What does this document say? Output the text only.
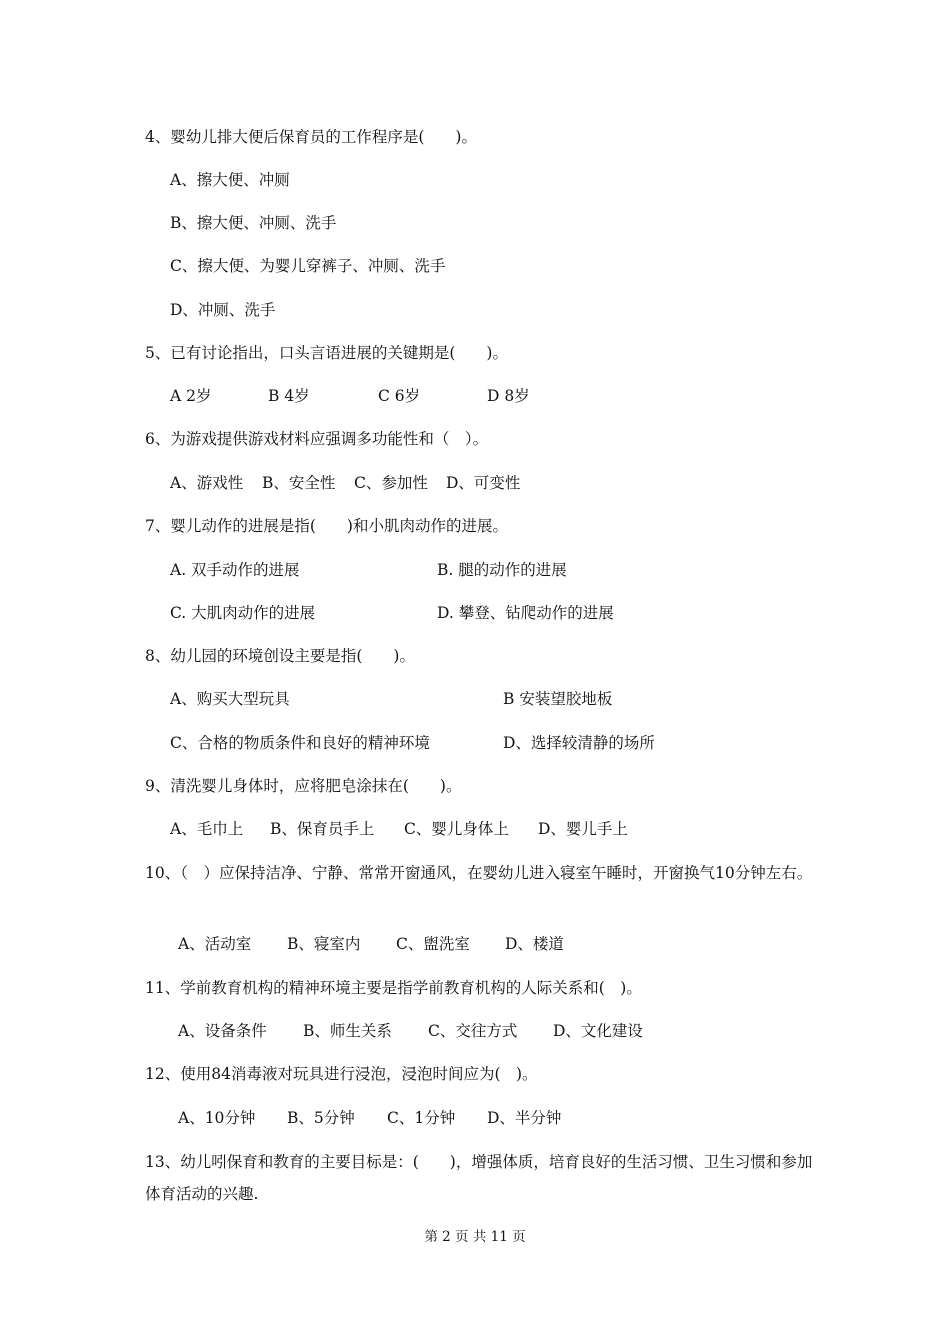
4、婴幼儿排大便后保育员的工作程序是(　　)。
A、擦大便、冲厕
B、擦大便、冲厕、洗手
C、擦大便、为婴儿穿裤子、冲厕、洗手
D、冲厕、洗手
5、已有讨论指出，口头言语进展的关键期是(　　)。
A 2岁	B 4岁	C 6岁	D 8岁
6、为游戏提供游戏材料应强调多功能性和（　）。
A、游戏性	B、安全性	C、参加性	D、可变性
7、婴儿动作的进展是指(　　)和小肌肉动作的进展。
A. 双手动作的进展	B. 腿的动作的进展
C. 大肌肉动作的进展	D. 攀登、钻爬动作的进展
8、幼儿园的环境创设主要是指(　　)。
A、购买大型玩具	B 安装望胶地板
C、合格的物质条件和良好的精神环境	D、选择较清静的场所
9、清洗婴儿身体时，应将肥皂涂抹在(　　)。
A、毛巾上	B、保育员手上	C、婴儿身体上	D、婴儿手上
10、（　）应保持洁净、宁静、常常开窗通风，在婴幼儿进入寝室午睡时，开窗换气10分钟左右。
A、活动室	B、寝室内	C、盥洗室	D、楼道
11、学前教育机构的精神环境主要是指学前教育机构的人际关系和(　)。
A、设备条件	B、师生关系	C、交往方式	D、文化建设
12、使用84消毒液对玩具进行浸泡，浸泡时间应为(　)。
A、10分钟	B、5分钟	C、1分钟	D、半分钟
13、幼儿吲保育和教育的主要目标是：(　　)，增强体质，培育良好的生活习惯、卫生习惯和参加体育活动的兴趣.
第 2 页 共 11 页
